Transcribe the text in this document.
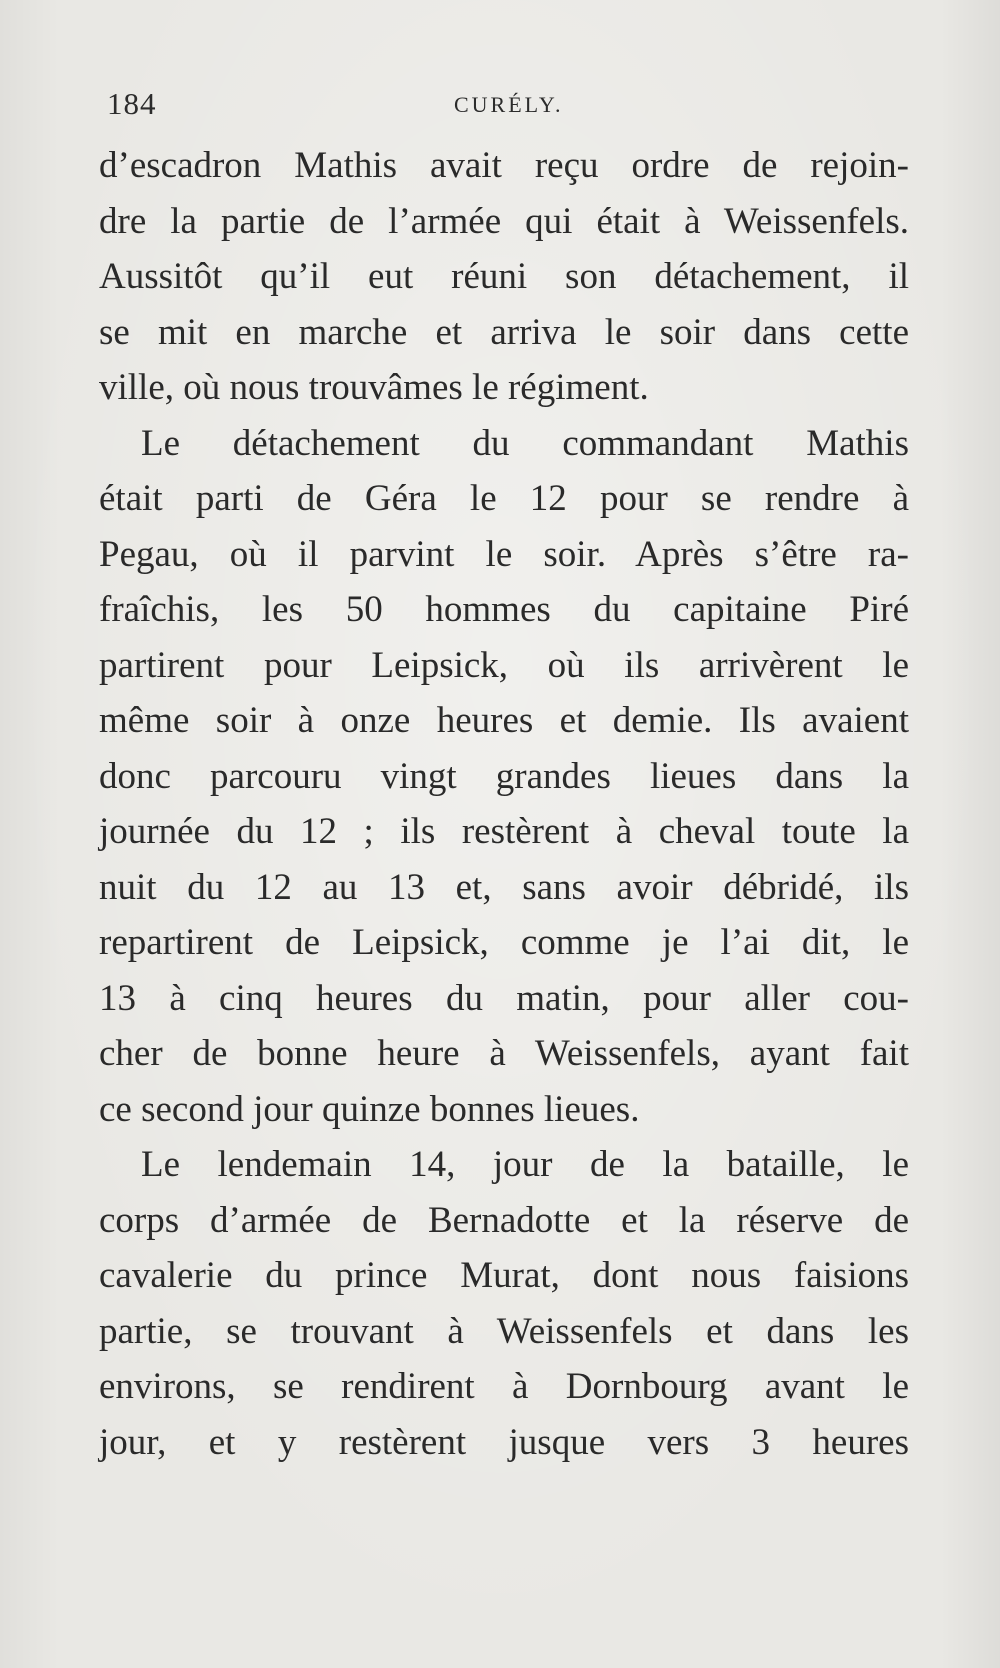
184	CURÉLY.
d’escadron Mathis avait reçu ordre de rejoin-
dre la partie de l’armée qui était à Weissenfels.
Aussitôt qu’il eut réuni son détachement, il
se mit en marche et arriva le soir dans cette
ville, où nous trouvâmes le régiment.
Le détachement du commandant Mathis
était parti de Géra le 12 pour se rendre à
Pegau, où il parvint le soir. Après s’être ra-
fraîchis, les 50 hommes du capitaine Piré
partirent pour Leipsick, où ils arrivèrent le
même soir à onze heures et demie. Ils avaient
donc parcouru vingt grandes lieues dans la
journée du 12 ; ils restèrent à cheval toute la
nuit du 12 au 13 et, sans avoir débridé, ils
repartirent de Leipsick, comme je l’ai dit, le
13 à cinq heures du matin, pour aller cou-
cher de bonne heure à Weissenfels, ayant fait
ce second jour quinze bonnes lieues.
Le lendemain 14, jour de la bataille, le
corps d’armée de Bernadotte et la réserve de
cavalerie du prince Murat, dont nous faisions
partie, se trouvant à Weissenfels et dans les
environs, se rendirent à Dornbourg avant le
jour, et y restèrent jusque vers 3 heures
